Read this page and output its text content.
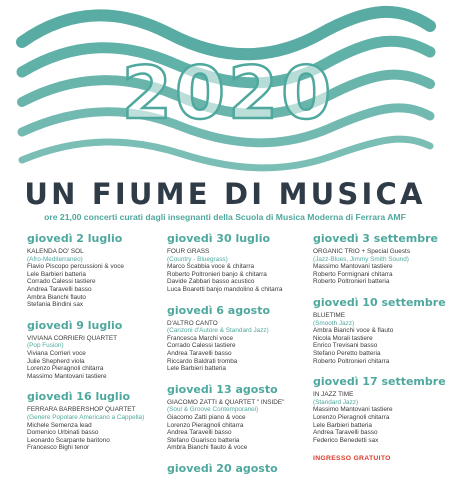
2020
UN FIUME DI MUSICA
ore 21,00 concerti curati dagli insegnanti della Scuola di Musica Moderna di Ferrara AMF
giovedì 2 luglio
KALENDA DO' SOL
(Afro-Mediterraneo)
Flavio Piscopo percussioni & voce
Lele Barbieri batteria
Corrado Calessi tastiere
Andrea Taravelli basso
Ambra Bianchi flauto
Stefania Bindini sax
giovedì 9 luglio
VIVIANA CORRIERI QUARTET
(Pop Fusion)
Viviana Corrieri voce
Julie Shepherd viola
Lorenzo Pieragnoli chitarra
Massimo Mantovani tastiere
giovedì 16 luglio
FERRARA BARBERSHOP QUARTET
(Genere Popolare Americano a Cappella)
Michele Semenza lead
Domenico Urbinati basso
Leonardo Scarpante baritono
Francesco Bighi tenor
giovedì 30 luglio
FOUR GRASS
(Country - Bluegrass)
Marco Scabbia voce & chitarra
Roberto Poltronieri banjo & chitarra
Davide Zabbari basso acustico
Luca Boaretti banjo mandolino & chitarra
giovedì 6 agosto
D'ALTRO CANTO
(Canzoni d'Autore & Standard Jazz)
Francesca Marchi voce
Corrado Calessi tastiere
Andrea Taravelli basso
Riccardo Baldrati tromba
Lele Barbieri batteria
giovedì 13 agosto
GIACOMO ZATTI & QUARTET " INSIDE"
(Soul & Groove Contemporanei)
Giacomo Zatti piano & voce
Lorenzo Pieragnoli chitarra
Andrea Taravelli basso
Stefano Guarisco batteria
Ambra Bianchi flauto & voce
giovedì 20 agosto
giovedì 3 settembre
ORGANIC TRIO + Special Guests
(Jazz-Blues, Jimmy Smith Sound)
Massimo Mantovani tastiere
Roberto Formignani chitarra
Roberto Poltronieri batteria
giovedì 10 settembre
BLUETIME
(Smooth Jazz)
Ambra Bianchi voce & flauto
Nicola Morali tastiere
Enrico Trevisani basso
Stefano Peretto batteria
Roberto Poltronieri chitarra
giovedì 17 settembre
IN JAZZ TIME
(Standard Jazz)
Massimo Mantovani tastiere
Lorenzo Pieragnoli chitarra
Lele Barbieri batteria
Andrea Taravelli basso
Federico Benedetti sax
INGRESSO GRATUITO
